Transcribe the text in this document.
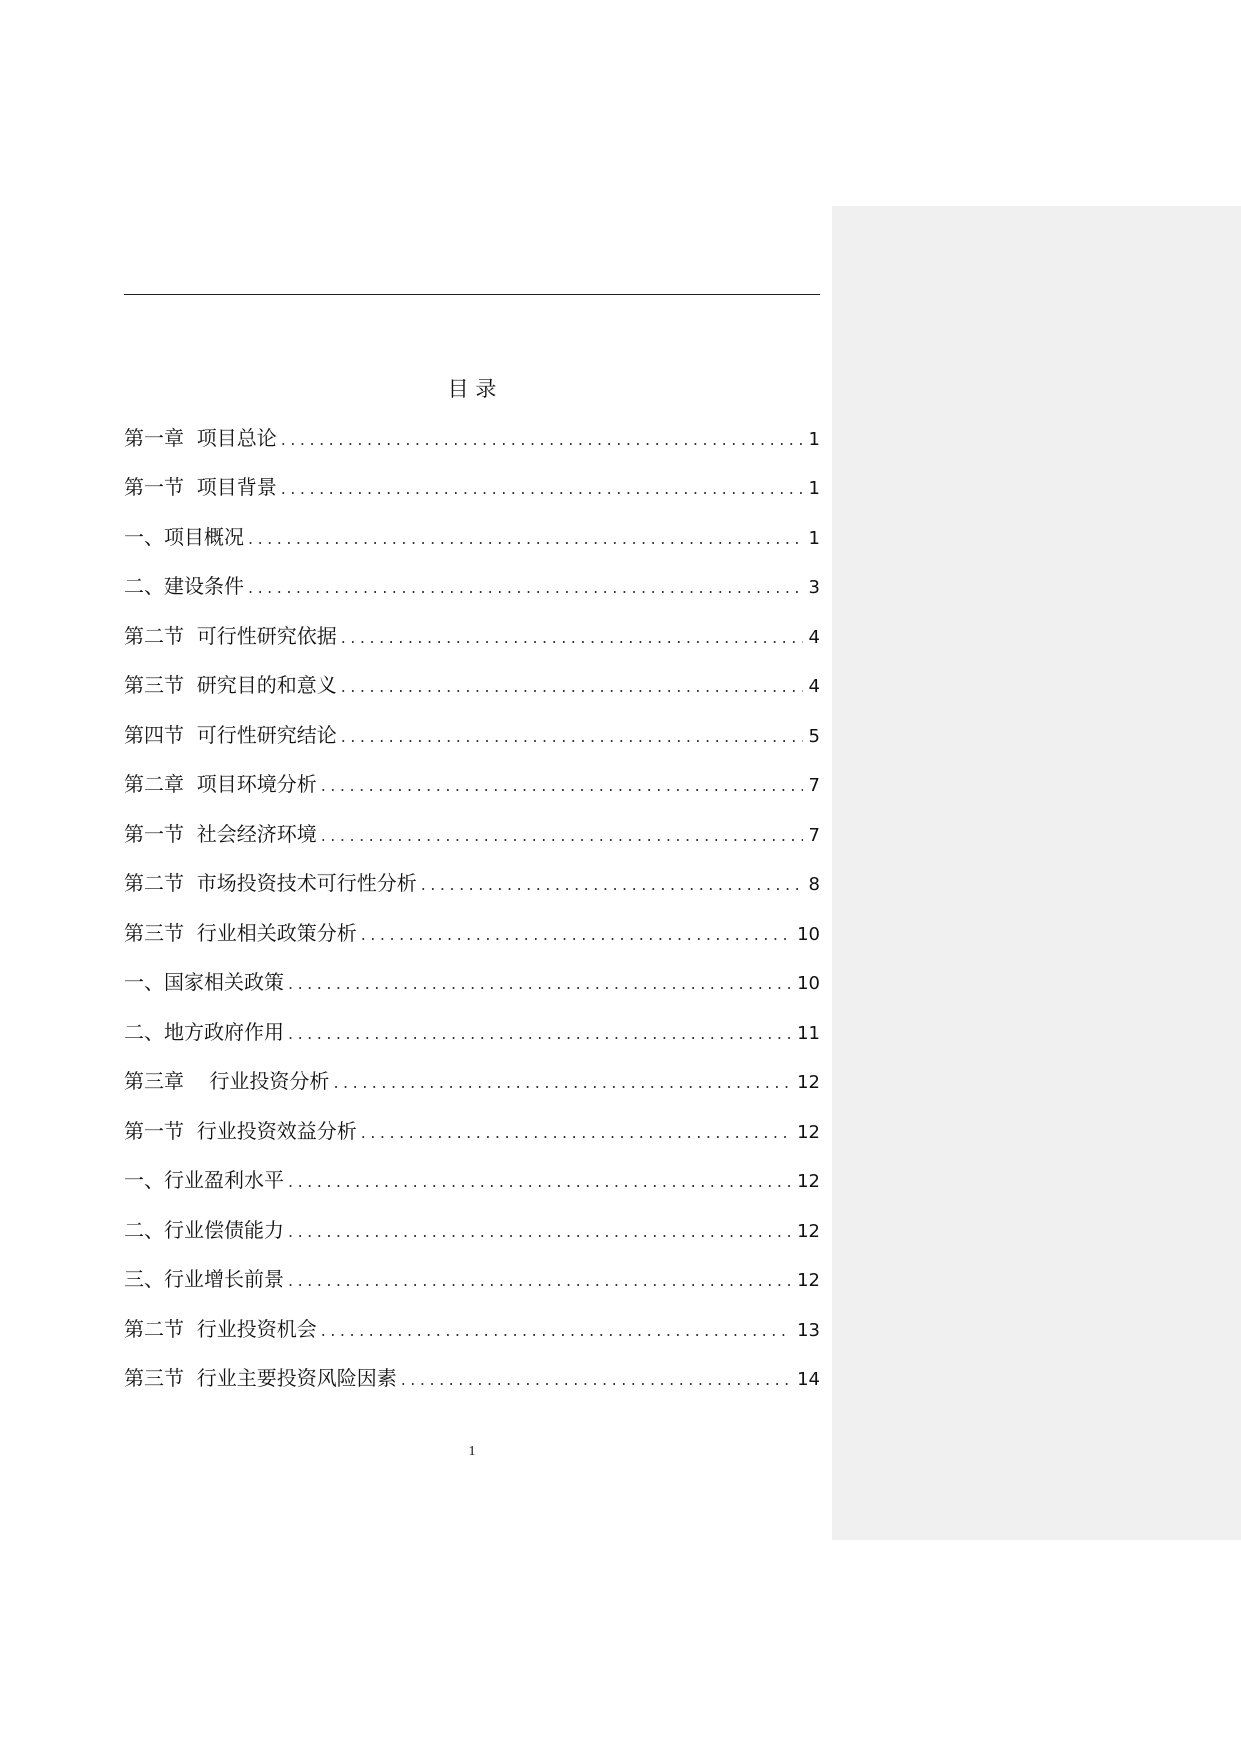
目 录
第一章  项目总论 .....	1
第一节  项目背景 .....	1
一、项目概况 .....	1
二、建设条件 .....	3
第二节  可行性研究依据 .....	4
第三节  研究目的和意义 .....	4
第四节  可行性研究结论 .....	5
第二章  项目环境分析 .....	7
第一节  社会经济环境 .....	7
第二节  市场投资技术可行性分析 .....	8
第三节  行业相关政策分析 .....	10
一、国家相关政策 .....	10
二、地方政府作用 .....	11
第三章    行业投资分析 .....	12
第一节  行业投资效益分析 .....	12
一、行业盈利水平 .....	12
二、行业偿债能力 .....	12
三、行业增长前景 .....	12
第二节  行业投资机会 .....	13
第三节  行业主要投资风险因素 .....	14
1
